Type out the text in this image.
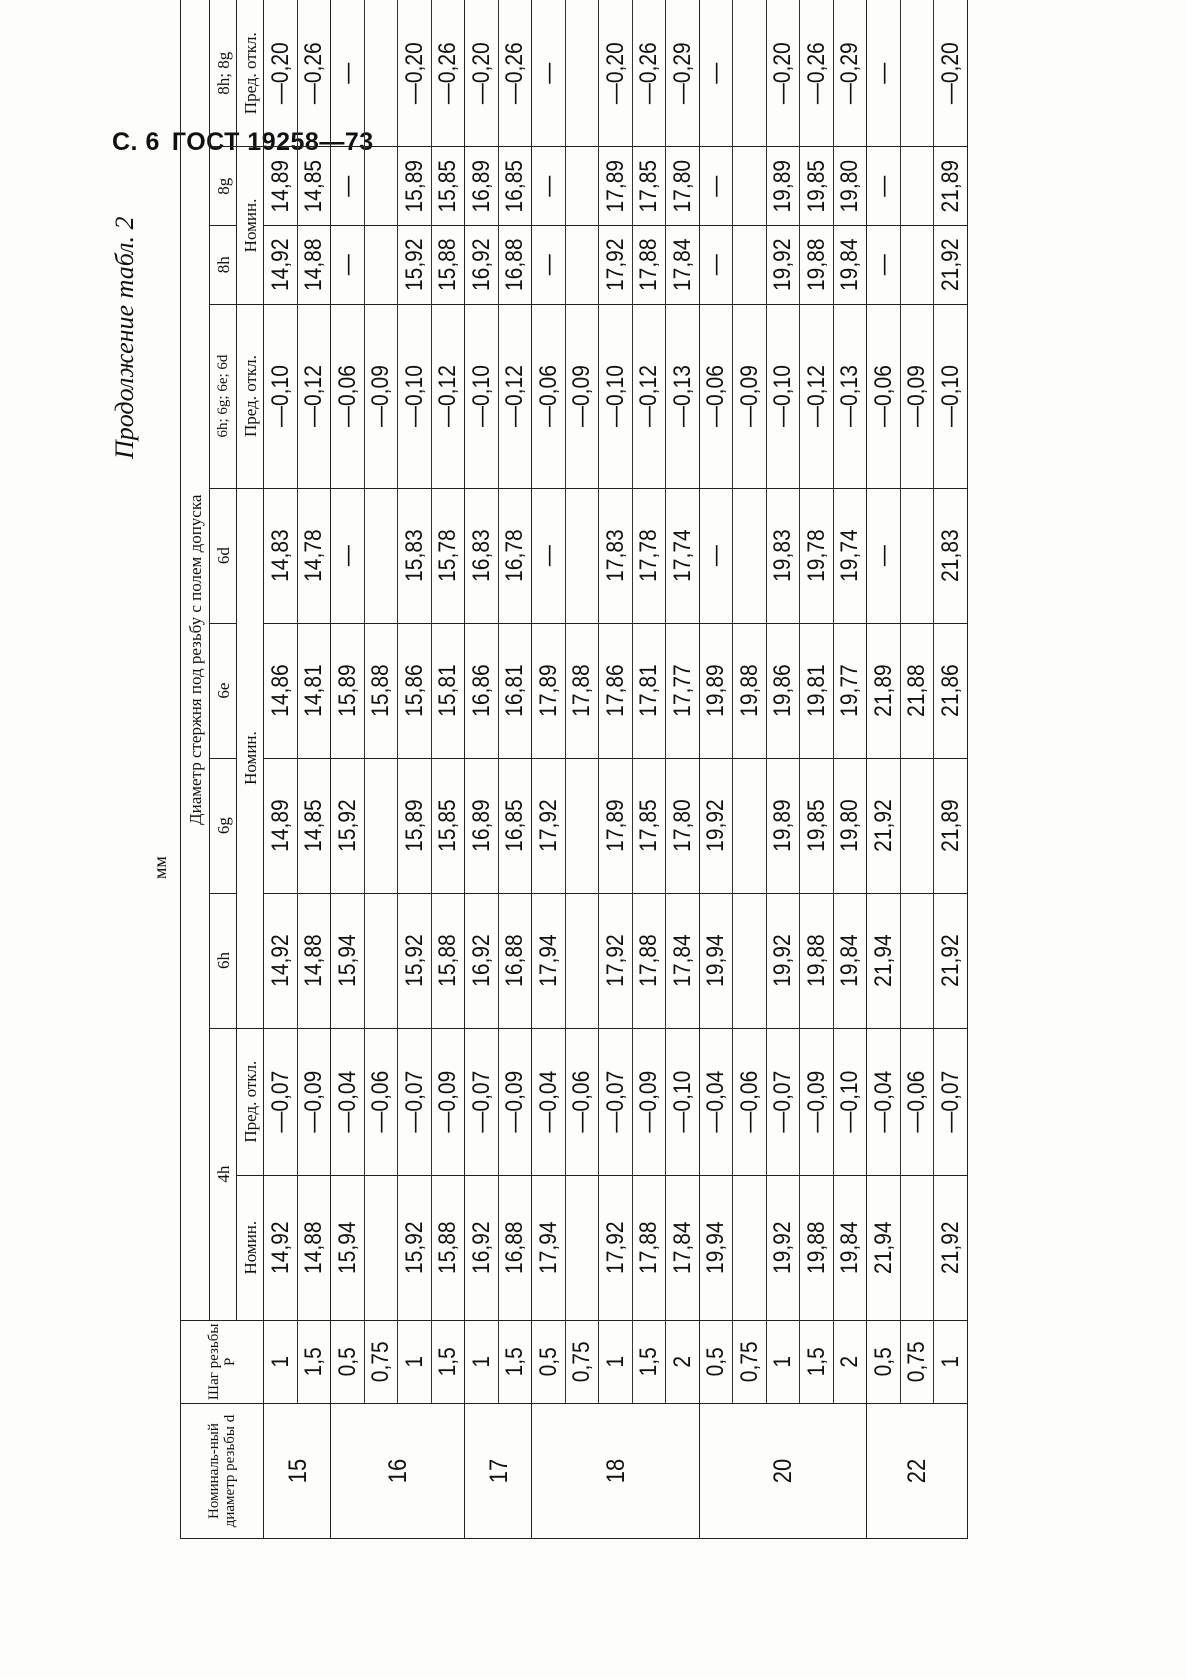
С. 6 ГОСТ 19258—73
Продолжение табл. 2
мм
Номиналь-ный диаметр резьбы d	Шаг резьбы P	Диаметр стержня под резьбу с полем допуска									
		4h		6h	6g	6e	6d	6h; 6g; 6e; 6d	8h	8g	8h; 8g
		Номин.	Пред. откл.	Номин.				Пред. откл.	Номин.		Пред. откл.
15	1	14,92	—0,07	14,92	14,89	14,86	14,83	—0,10	14,92	14,89	—0,20
	1,5	14,88	—0,09	14,88	14,85	14,81	14,78	—0,12	14,88	14,85	—0,26
16	0,5	15,94	—0,04	15,94	15,92	15,89	—	—0,06	—	—	—
	0,75		—0,06			15,88		—0,09			
	1	15,92	—0,07	15,92	15,89	15,86	15,83	—0,10	15,92	15,89	—0,20
	1,5	15,88	—0,09	15,88	15,85	15,81	15,78	—0,12	15,88	15,85	—0,26
17	1	16,92	—0,07	16,92	16,89	16,86	16,83	—0,10	16,92	16,89	—0,20
	1,5	16,88	—0,09	16,88	16,85	16,81	16,78	—0,12	16,88	16,85	—0,26
18	0,5	17,94	—0,04	17,94	17,92	17,89	—	—0,06	—	—	—
	0,75		—0,06			17,88		—0,09			
	1	17,92	—0,07	17,92	17,89	17,86	17,83	—0,10	17,92	17,89	—0,20
	1,5	17,88	—0,09	17,88	17,85	17,81	17,78	—0,12	17,88	17,85	—0,26
	2	17,84	—0,10	17,84	17,80	17,77	17,74	—0,13	17,84	17,80	—0,29
20	0,5	19,94	—0,04	19,94	19,92	19,89	—	—0,06	—	—	—
	0,75		—0,06			19,88		—0,09			
	1	19,92	—0,07	19,92	19,89	19,86	19,83	—0,10	19,92	19,89	—0,20
	1,5	19,88	—0,09	19,88	19,85	19,81	19,78	—0,12	19,88	19,85	—0,26
	2	19,84	—0,10	19,84	19,80	19,77	19,74	—0,13	19,84	19,80	—0,29
22	0,5	21,94	—0,04	21,94	21,92	21,89	—	—0,06	—	—	—
	0,75		—0,06			21,88		—0,09			
	1	21,92	—0,07	21,92	21,89	21,86	21,83	—0,10	21,92	21,89	—0,20
